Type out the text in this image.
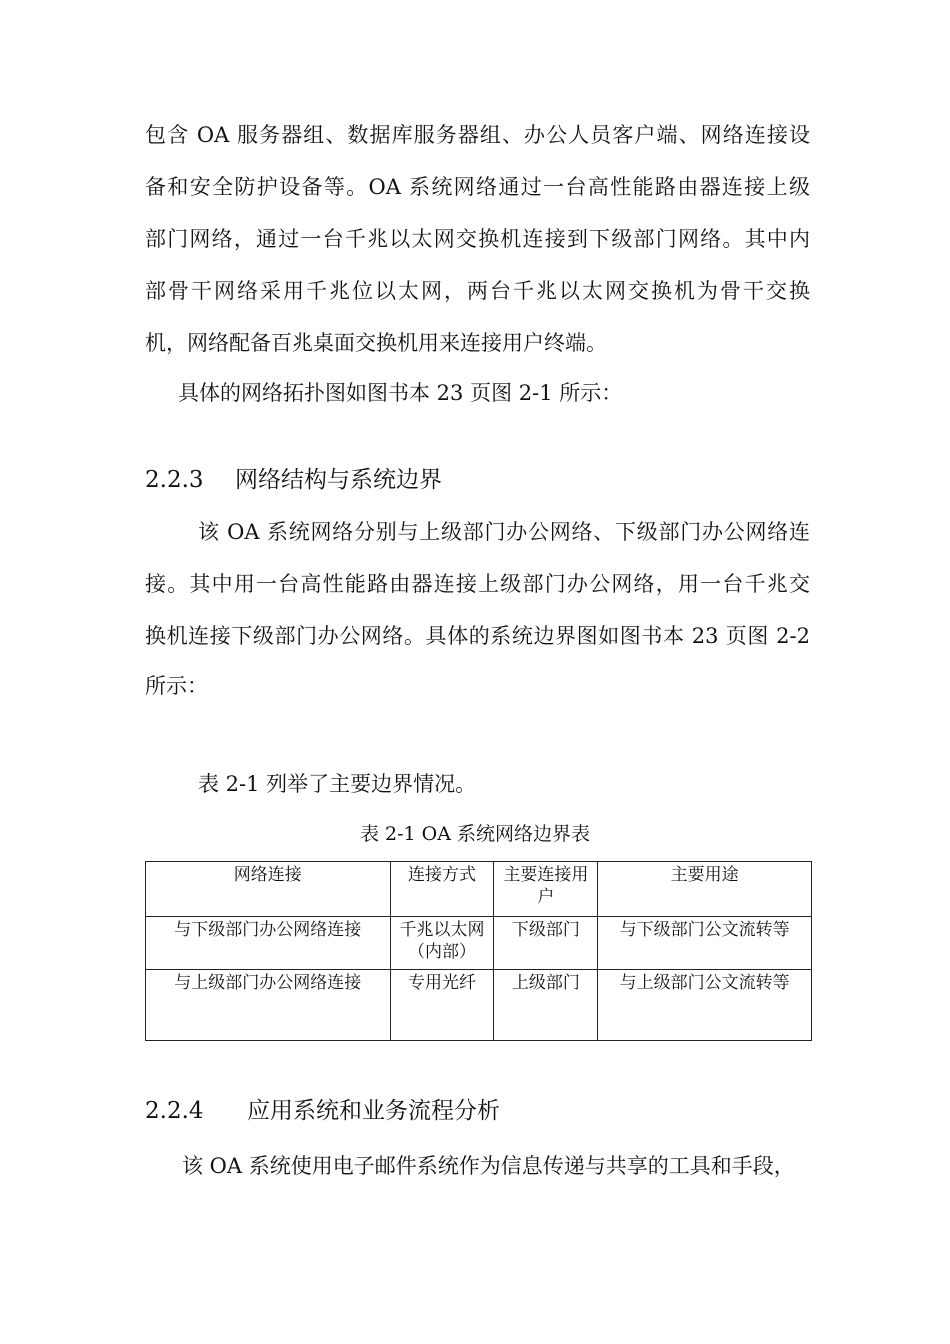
包含 OA 服务器组、数据库服务器组、办公人员客户端、网络连接设
备和安全防护设备等。OA 系统网络通过一台高性能路由器连接上级
部门网络，通过一台千兆以太网交换机连接到下级部门网络。其中内
部骨干网络采用千兆位以太网，两台千兆以太网交换机为骨干交换
机，网络配备百兆桌面交换机用来连接用户终端。
具体的网络拓扑图如图书本 23 页图 2-1 所示：
2.2.3 网络结构与系统边界
该 OA 系统网络分别与上级部门办公网络、下级部门办公网络连
接。其中用一台高性能路由器连接上级部门办公网络，用一台千兆交
换机连接下级部门办公网络。具体的系统边界图如图书本 23 页图 2-2
所示：
表 2-1 列举了主要边界情况。
表 2-1 OA 系统网络边界表
网络连接	连接方式	主要连接用户	主要用途
与下级部门办公网络连接	千兆以太网（内部）	下级部门	与下级部门公文流转等
与上级部门办公网络连接	专用光纤	上级部门	与上级部门公文流转等
2.2.4 应用系统和业务流程分析
该 OA 系统使用电子邮件系统作为信息传递与共享的工具和手段，
